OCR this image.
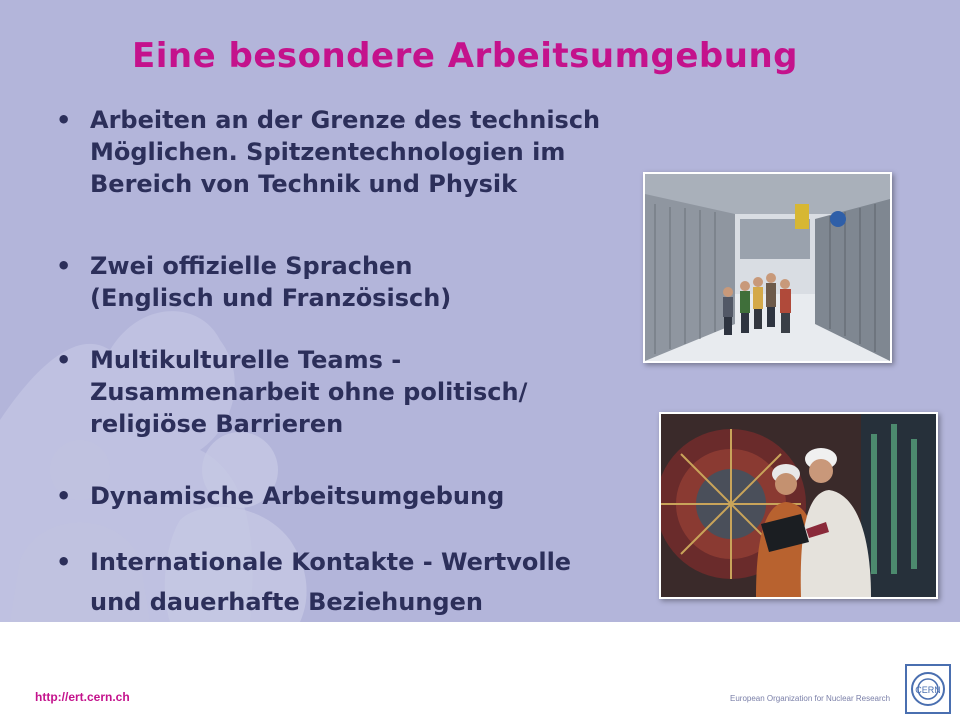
Eine besondere Arbeitsumgebung
• Arbeiten an der Grenze des technisch
Möglichen. Spitzentechnologien im
Bereich von Technik und Physik
• Zwei offizielle Sprachen
(Englisch und Französisch)
• Multikulturelle Teams -
Zusammenarbeit ohne politisch/
religiöse Barrieren
• Dynamische Arbeitsumgebung
• Internationale Kontakte - Wertvolle
und dauerhafte Beziehungen
http://ert.cern.ch	European Organization for Nuclear Research
CERN
